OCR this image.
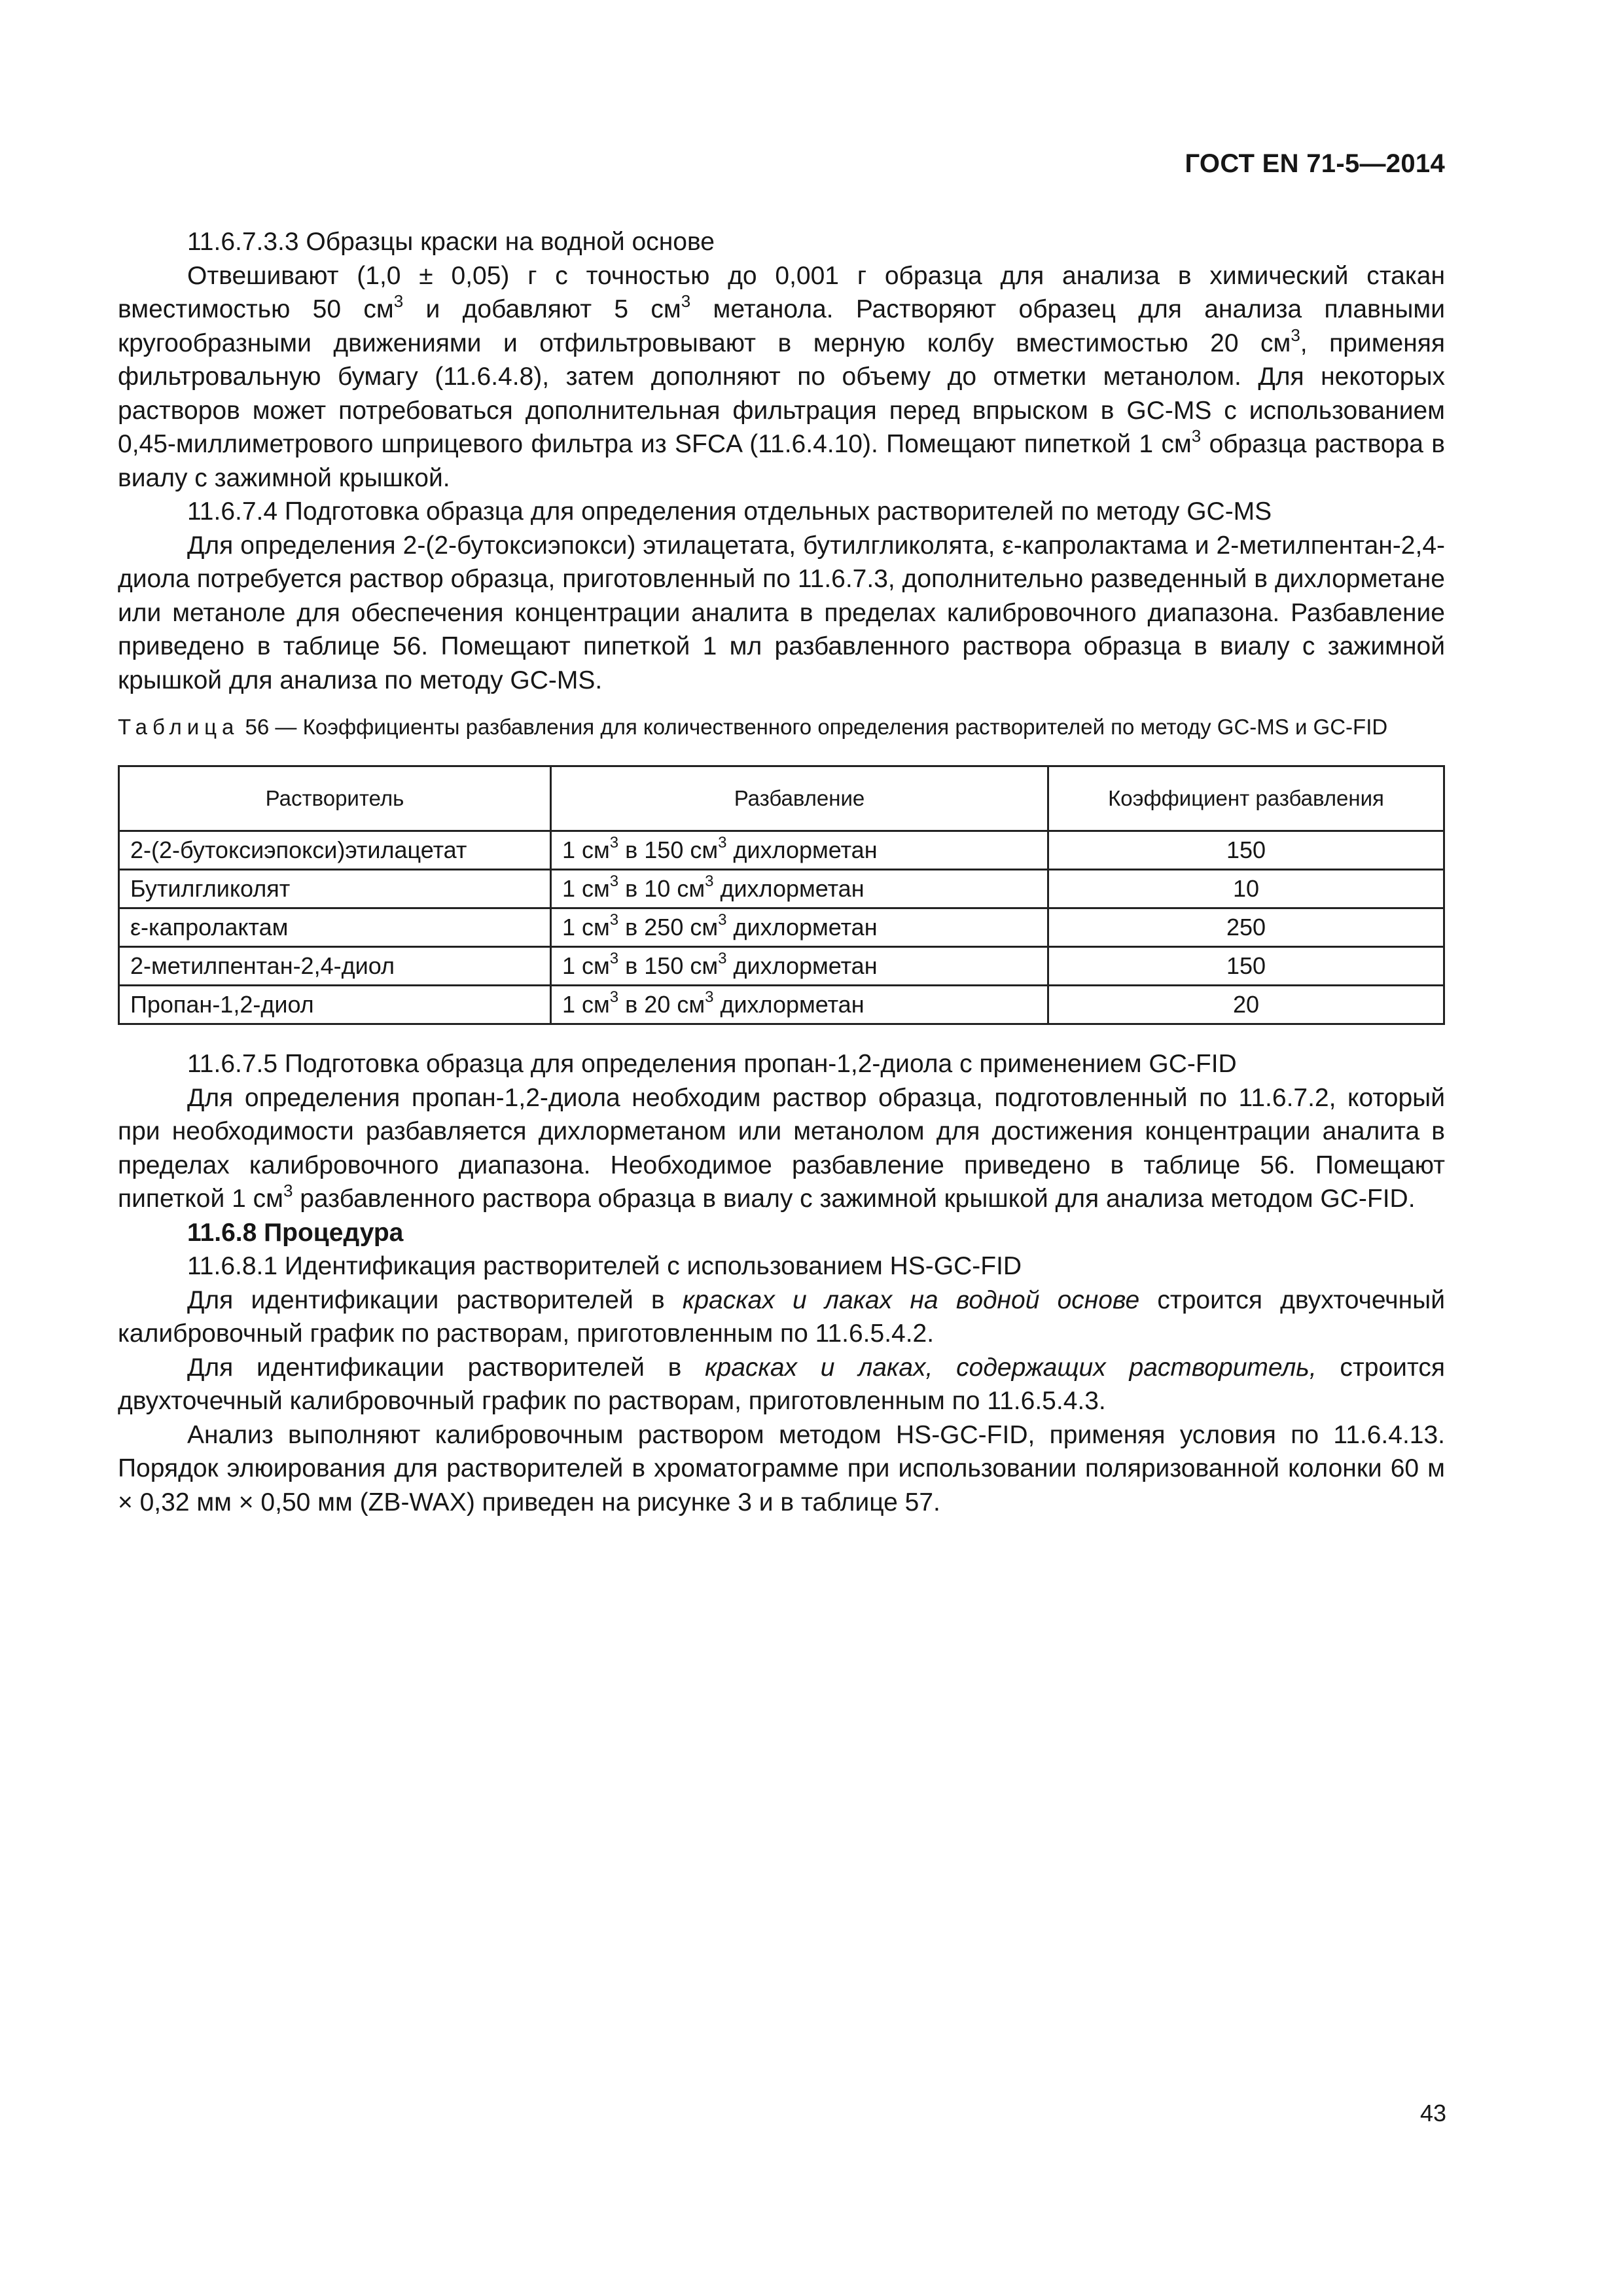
ГОСТ EN 71-5—2014

11.6.7.3.3 Образцы краски на водной основе

Отвешивают (1,0 ± 0,05) г с точностью до 0,001 г образца для анализа в химический стакан вместимостью 50 $см^3$ и добавляют 5 $см^3$ метанола. Растворяют образец для анализа плавными кругообразными движениями и отфильтровывают в мерную колбу вместимостью 20 $см^3$, применяя фильтровальную бумагу (11.6.4.8), затем дополняют по объему до отметки метанолом. Для некоторых растворов может потребоваться дополнительная фильтрация перед впрыском в GC-MS с использованием 0,45-миллиметрового шприцевого фильтра из SFCA (11.6.4.10). Помещают пипеткой 1 $см^3$ образца раствора в виалу с зажимной крышкой.

11.6.7.4 Подготовка образца для определения отдельных растворителей по методу GC-MS

Для определения 2-(2-бутоксиэпокси) этилацетата, бутилгликолята, ε-капролактама и 2-метилпентан-2,4-диола потребуется раствор образца, приготовленный по 11.6.7.3, дополнительно разведенный в дихлорметане или метаноле для обеспечения концентрации аналита в пределах калибровочного диапазона. Разбавление приведено в таблице 56. Помещают пипеткой 1 мл разбавленного раствора образца в виалу с зажимной крышкой для анализа по методу GC-MS.

Таблица 56 — Коэффициенты разбавления для количественного определения растворителей по методу GC-MS и GC-FID

Растворитель	Разбавление	Коэффициент разбавления
2-(2-бутоксиэпокси)этилацетат	1 $см^3$ в 150 $см^3$ дихлорметан	150
Бутилгликолят	1 $см^3$ в 10 $см^3$ дихлорметан	10
ε-капролактам	1 $см^3$ в 250 $см^3$ дихлорметан	250
2-метилпентан-2,4-диол	1 $см^3$ в 150 $см^3$ дихлорметан	150
Пропан-1,2-диол	1 $см^3$ в 20 $см^3$ дихлорметан	20

11.6.7.5 Подготовка образца для определения пропан-1,2-диола с применением GC-FID

Для определения пропан-1,2-диола необходим раствор образца, подготовленный по 11.6.7.2, который при необходимости разбавляется дихлорметаном или метанолом для достижения концентрации аналита в пределах калибровочного диапазона. Необходимое разбавление приведено в таблице 56. Помещают пипеткой 1 $см^3$ разбавленного раствора образца в виалу с зажимной крышкой для анализа методом GC-FID.

11.6.8 Процедура

11.6.8.1 Идентификация растворителей с использованием HS-GC-FID

Для идентификации растворителей в красках и лаках на водной основе строится двухточечный калибровочный график по растворам, приготовленным по 11.6.5.4.2.

Для идентификации растворителей в красках и лаках, содержащих растворитель, строится двухточечный калибровочный график по растворам, приготовленным по 11.6.5.4.3.

Анализ выполняют калибровочным раствором методом HS-GC-FID, применяя условия по 11.6.4.13. Порядок элюирования для растворителей в хроматограмме при использовании поляризованной колонки 60 м × 0,32 мм × 0,50 мм (ZB-WAX) приведен на рисунке 3 и в таблице 57.

43
